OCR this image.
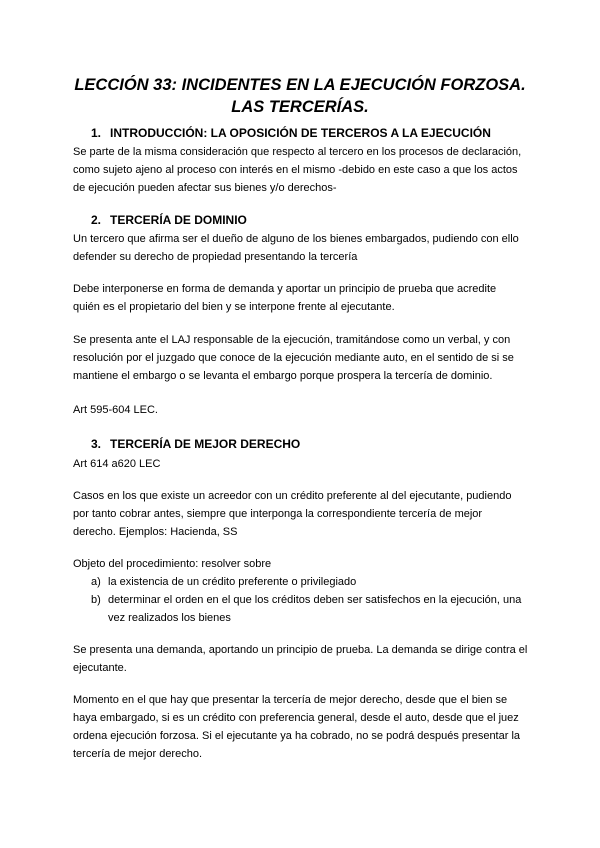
LECCIÓN 33: INCIDENTES EN LA EJECUCIÓN FORZOSA. LAS TERCERÍAS.
1. INTRODUCCIÓN: LA OPOSICIÓN DE TERCEROS A LA EJECUCIÓN

Se parte de la misma consideración que respecto al tercero en los procesos de declaración,

como sujeto ajeno al proceso con interés en el mismo -debido en este caso a que los actos

de ejecución pueden afectar sus bienes y/o derechos-

2. TERCERÍA DE DOMINIO

Un tercero que afirma ser el dueño de alguno de los bienes embargados, pudiendo con ello

defender su derecho de propiedad presentando la tercería

Debe interponerse en forma de demanda y aportar un principio de prueba que acredite

quién es el propietario del bien y se interpone frente al ejecutante.

Se presenta ante el LAJ responsable de la ejecución, tramitándose como un verbal, y con

resolución por el juzgado que conoce de la ejecución mediante auto, en el sentido de si se

mantiene el embargo o se levanta el embargo porque prospera la tercería de dominio.

Art 595-604 LEC.

3. TERCERÍA DE MEJOR DERECHO

Art 614 a620 LEC

Casos en los que existe un acreedor con un crédito preferente al del ejecutante, pudiendo

por tanto cobrar antes, siempre que interponga la correspondiente tercería de mejor

derecho. Ejemplos: Hacienda, SS

Objeto del procedimiento: resolver sobre

a) la existencia de un crédito preferente o privilegiado

b) determinar el orden en el que los créditos deben ser satisfechos en la ejecución, una

vez realizados los bienes

Se presenta una demanda, aportando un principio de prueba. La demanda se dirige contra el

ejecutante.

Momento en el que hay que presentar la tercería de mejor derecho, desde que el bien se

haya embargado, si es un crédito con preferencia general, desde el auto, desde que el juez

ordena ejecución forzosa. Si el ejecutante ya ha cobrado, no se podrá después presentar la

tercería de mejor derecho.
